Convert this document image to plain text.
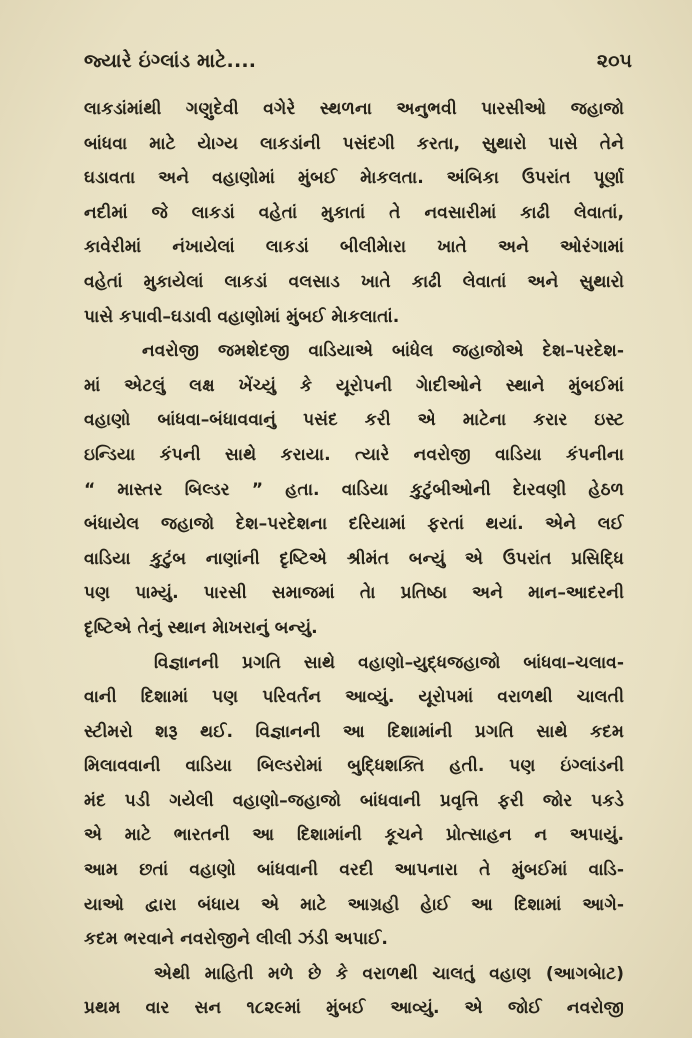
જ્યારે ઇંગ્લાંડ માટે....	૨૦૫
લાકડાંમાંથી ગણુદેવી વગેરે સ્થળના અનુભવી પારસીઓ જહાજો
બાંધવા માટે યેાગ્ય લાકડાંની પસંદગી કરતા, સુથારો પાસે તેને
ઘડાવતા અને વહાણોમાં મુંબઈ મેાકલતા. અંબિકા ઉપરાંત પૂર્ણા
નદીમાં જે લાકડાં વહેતાં મુકાતાં તે નવસારીમાં કાઢી લેવાતાં,
કાવેરીમાં નંખાયેલાં લાકડાં બીલીમેારા ખાતે અને ઓરંગામાં
વહેતાં મુકાયેલાં લાકડાં વલસાડ ખાતે કાઢી લેવાતાં અને સુથારો
પાસે કપાવી–ઘડાવી વહાણોમાં મુંબઈ મેાકલાતાં.
નવરોજી જમશેદજી વાડિયાએ બાંધેલ જહાજોએ દેશ–પરદેશ-
માં એટલું લક્ષ ખેંચ્યું કે યૂરોપની ગેાદીઓને સ્થાને મુંબઈમાં
વહાણો બાંધવા–બંધાવવાનું પસંદ કરી એ માટેના કરાર ઇસ્ટ
ઇન્ડિયા કંપની સાથે કરાયા. ત્યારે નવરોજી વાડિયા કંપનીના
“ માસ્તર બિલ્ડર ” હતા. વાડિયા કુટુંબીઓની દેારવણી હેઠળ
બંધાયેલ જહાજો દેશ–પરદેશના દરિયામાં ફરતાં થયાં. એને લઈ
વાડિયા કુટુંબ નાણાંની દૃષ્ટિએ શ્રીમંત બન્યું એ ઉપરાંત પ્રસિદ્ધિ
પણ પામ્યું. પારસી સમાજમાં તેા પ્રતિષ્ઠા અને માન–આદરની
દૃષ્ટિએ તેનું સ્થાન મેાખરાનું બન્યું.
વિજ્ઞાનની પ્રગતિ સાથે વહાણો–યુદ્ધજહાજો બાંધવા–ચલાવ-
વાની દિશામાં પણ પરિવર્તન આવ્યું. યૂરોપમાં વરાળથી ચાલતી
સ્ટીમરો શરૂ થઈ. વિજ્ઞાનની આ દિશામાંની પ્રગતિ સાથે કદમ
મિલાવવાની વાડિયા બિલ્ડરોમાં બુદ્ધિશક્તિ હતી. પણ ઇંગ્લાંડની
મંદ પડી ગયેલી વહાણો–જહાજો બાંધવાની પ્રવૃત્તિ ફરી જોર પકડે
એ માટે ભારતની આ દિશામાંની કૂચને પ્રોત્સાહન ન અપાયું.
આમ છતાં વહાણો બાંધવાની વરદી આપનારા તે મુંબઈમાં વાડિ-
યાઓ દ્વારા બંધાય એ માટે આગ્રહી હેાઈ આ દિશામાં આગે-
કદમ ભરવાને નવરોજીને લીલી ઝંડી અપાઈ.
એથી માહિતી મળે છે કે વરાળથી ચાલતું વહાણ (આગબેાટ)
પ્રથમ વાર સન ૧૮૨૯માં મુંબઈ આવ્યું. એ જોઈ નવરોજી
